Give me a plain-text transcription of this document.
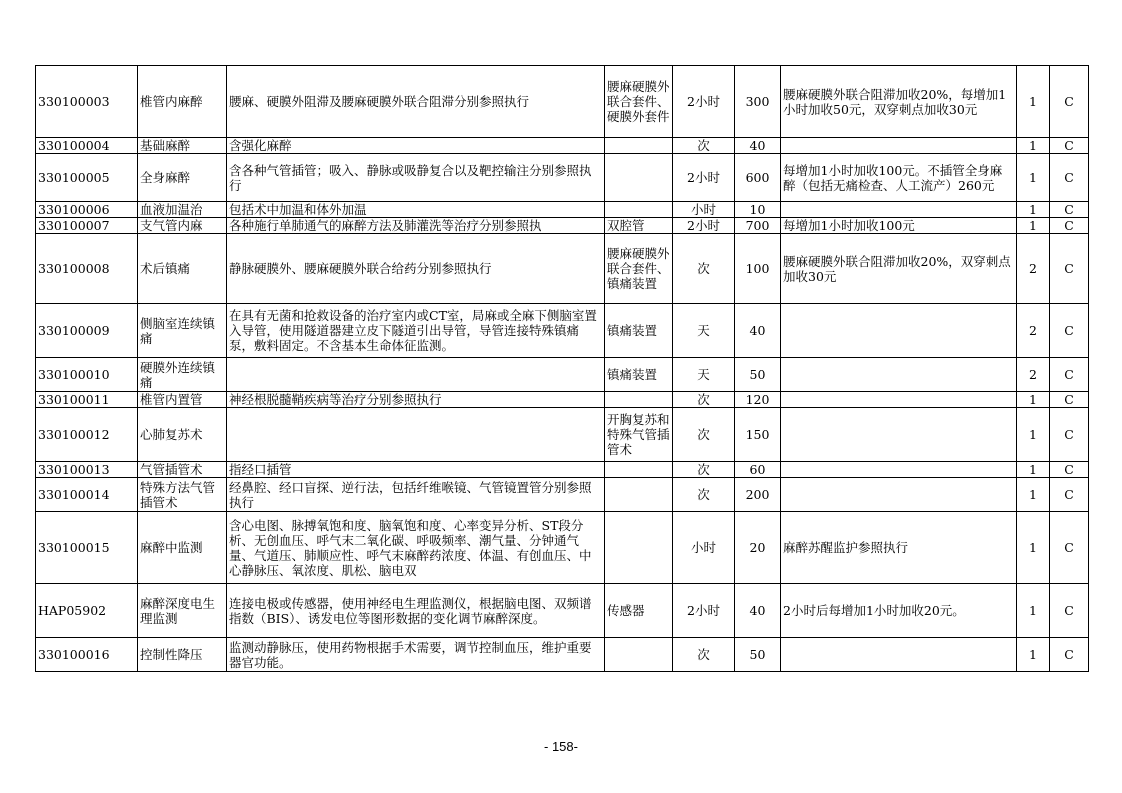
330100003	椎管内麻醉	腰麻、硬膜外阻滞及腰麻硬膜外联合阻滞分别参照执行	腰麻硬膜外联合套件、硬膜外套件	2小时	300	腰麻硬膜外联合阻滞加收20%，每增加1小时加收50元，双穿刺点加收30元	1	C

330100004	基础麻醉	含强化麻醉		次	40		1	C

330100005	全身麻醉	含各种气管插管；吸入、静脉或吸静复合以及靶控输注分别参照执行		2小时	600	每增加1小时加收100元。不插管全身麻醉（包括无痛检查、人工流产）260元	1	C

330100006	血液加温治	包括术中加温和体外加温		小时	10		1	C

330100007	支气管内麻	各种施行单肺通气的麻醉方法及肺灌洗等治疗分别参照执	双腔管	2小时	700	每增加1小时加收100元	1	C

330100008	术后镇痛	静脉硬膜外、腰麻硬膜外联合给药分别参照执行	腰麻硬膜外联合套件、镇痛装置	次	100	腰麻硬膜外联合阻滞加收20%，双穿刺点加收30元	2	C

330100009	侧脑室连续镇痛	在具有无菌和抢救设备的治疗室内或CT室，局麻或全麻下侧脑室置入导管，使用隧道器建立皮下隧道引出导管，导管连接特殊镇痛泵，敷料固定。不含基本生命体征监测。	镇痛装置	天	40		2	C

330100010	硬膜外连续镇痛		镇痛装置	天	50		2	C

330100011	椎管内置管	神经根脱髓鞘疾病等治疗分别参照执行		次	120		1	C

330100012	心肺复苏术		开胸复苏和特殊气管插管术	次	150		1	C

330100013	气管插管术	指经口插管		次	60		1	C

330100014	特殊方法气管插管术	经鼻腔、经口盲探、逆行法，包括纤维喉镜、气管镜置管分别参照执行		次	200		1	C

330100015	麻醉中监测	含心电图、脉搏氧饱和度、脑氧饱和度、心率变异分析、ST段分析、无创血压、呼气末二氧化碳、呼吸频率、潮气量、分钟通气量、气道压、肺顺应性、呼气末麻醉药浓度、体温、有创血压、中心静脉压、氧浓度、肌松、脑电双		小时	20	麻醉苏醒监护参照执行	1	C

HAP05902	麻醉深度电生理监测	连接电极或传感器，使用神经电生理监测仪，根据脑电图、双频谱指数（BIS）、诱发电位等图形数据的变化调节麻醉深度。	传感器	2小时	40	2小时后每增加1小时加收20元。	1	C

330100016	控制性降压	监测动静脉压，使用药物根据手术需要，调节控制血压，维护重要器官功能。		次	50		1	C
- 158-
